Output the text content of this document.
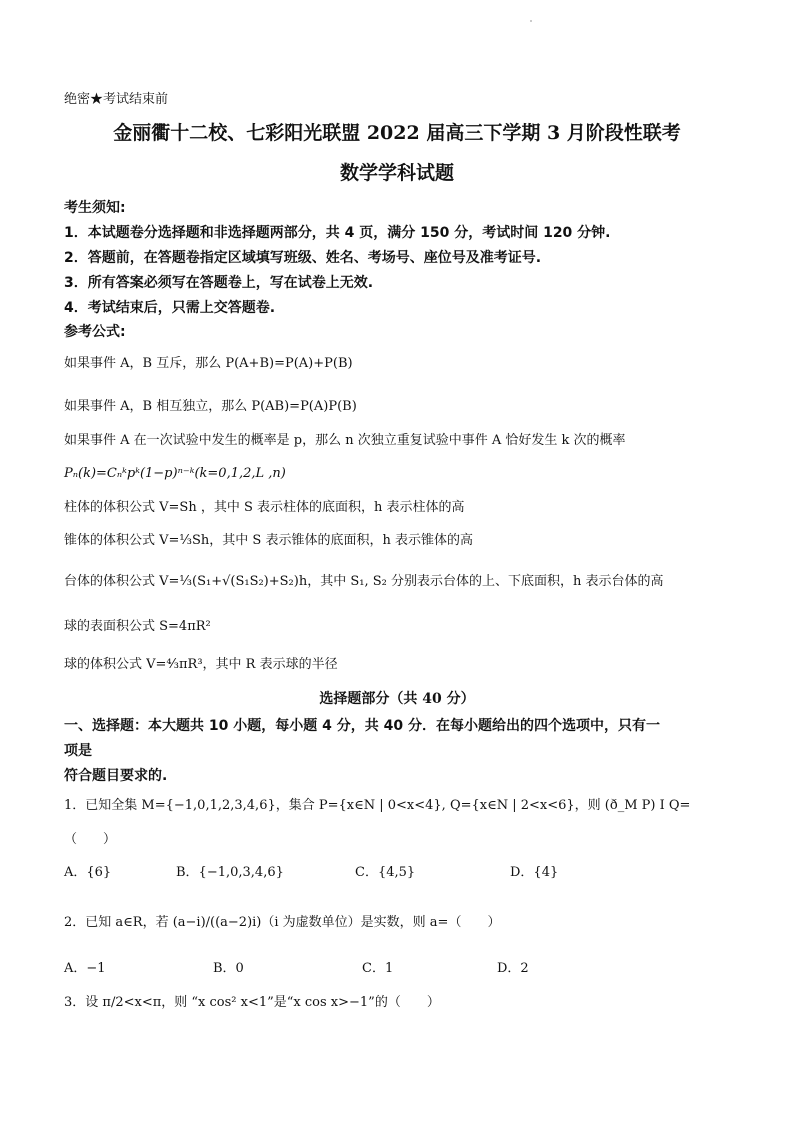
绝密★考试结束前
金丽衢十二校、七彩阳光联盟 2022 届高三下学期 3 月阶段性联考
数学学科试题
考生须知:
1．本试题卷分选择题和非选择题两部分，共 4 页，满分 150 分，考试时间 120 分钟.
2．答题前，在答题卷指定区域填写班级、姓名、考场号、座位号及准考证号.
3．所有答案必须写在答题卷上，写在试卷上无效.
4．考试结束后，只需上交答题卷.
参考公式:
如果事件 A，B 互斥，那么 P(A+B)=P(A)+P(B)
如果事件 A，B 相互独立，那么 P(AB)=P(A)P(B)
如果事件 A 在一次试验中发生的概率是 p，那么 n 次独立重复试验中事件 A 恰好发生 k 次的概率
Pₙ(k)=Cₙᵏpᵏ(1−p)ⁿ⁻ᵏ(k=0,1,2,L ,n)
柱体的体积公式 V=Sh ，其中 S 表示柱体的底面积，h 表示柱体的高
锥体的体积公式 V=⅓Sh，其中 S 表示锥体的底面积，h 表示锥体的高
台体的体积公式 V=⅓(S₁+√(S₁S₂)+S₂)h，其中 S₁, S₂ 分别表示台体的上、下底面积，h 表示台体的高
球的表面积公式 S=4πR²
球的体积公式 V=⁴⁄₃πR³，其中 R 表示球的半径
选择题部分（共 40 分）
一、选择题：本大题共 10 小题，每小题 4 分，共 40 分．在每小题给出的四个选项中，只有一
项是
符合题目要求的.
1．已知全集 M={−1,0,1,2,3,4,6}，集合 P={x∈N | 0<x<4}, Q={x∈N | 2<x<6}，则 (ð_M P) I Q=
（　　）
A．{6}	B．{−1,0,3,4,6}	C．{4,5}	D．{4}
2．已知 a∈R，若 (a−i)/((a−2)i)（i 为虚数单位）是实数，则 a=（　　）
A．−1	B．0	C．1	D．2
3．设 π/2<x<π，则 “x cos² x<1”是“x cos x>−1”的（　　）
